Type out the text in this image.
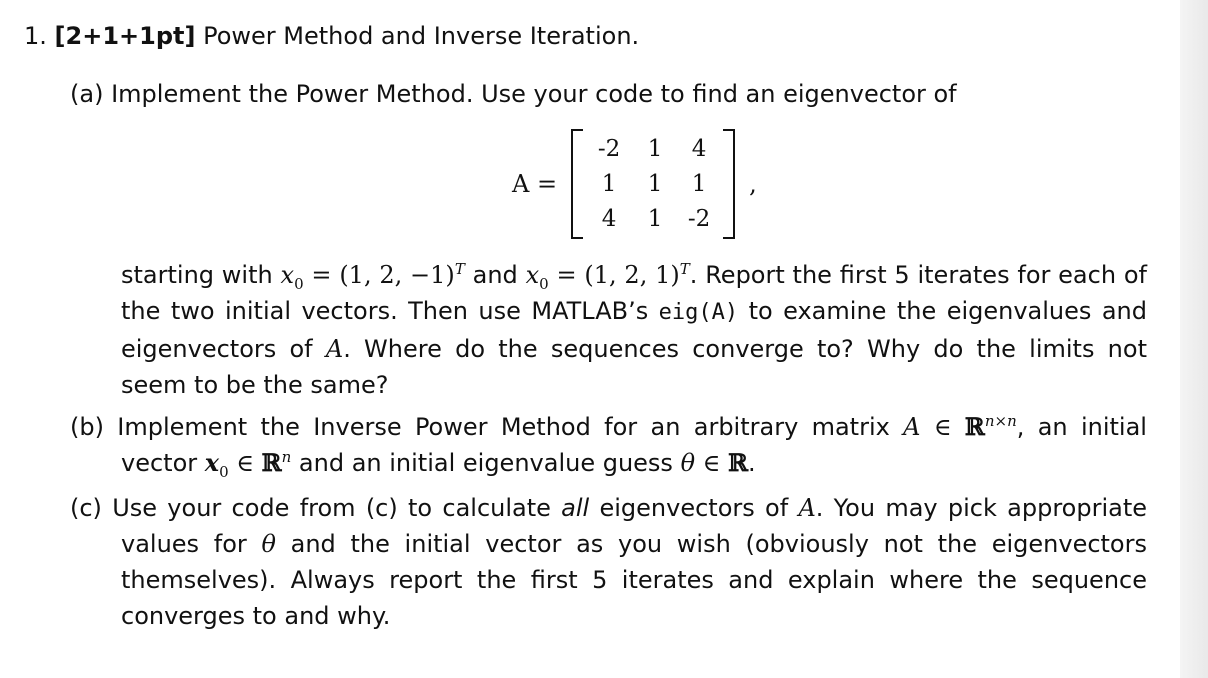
1. [2+1+1pt] Power Method and Inverse Iteration.

(a) Implement the Power Method. Use your code to find an eigenvector of

A =
-2 1 4
1 1 1
4 1 -2
,

starting with $x_0 = (1$, 2, −1)$^T$ and $x_0 = (1$, 2, 1)$^T$. Report the first 5 iterates for each of the two initial vectors. Then use MATLAB’s eig(A) to examine the eigenvalues and eigenvectors of A. Where do the sequences converge to? Why do the limits not seem to be the same?

(b) Implement the Inverse Power Method for an arbitrary matrix A ∈ ℝ$^{n\times n}$, an initial vector $x_0$ ∈ ℝ$^n$ and an initial eigenvalue guess θ ∈ ℝ.

(c) Use your code from (c) to calculate all eigenvectors of A. You may pick appropriate values for θ and the initial vector as you wish (obviously not the eigenvectors themselves). Always report the first 5 iterates and explain where the sequence converges to and why.
